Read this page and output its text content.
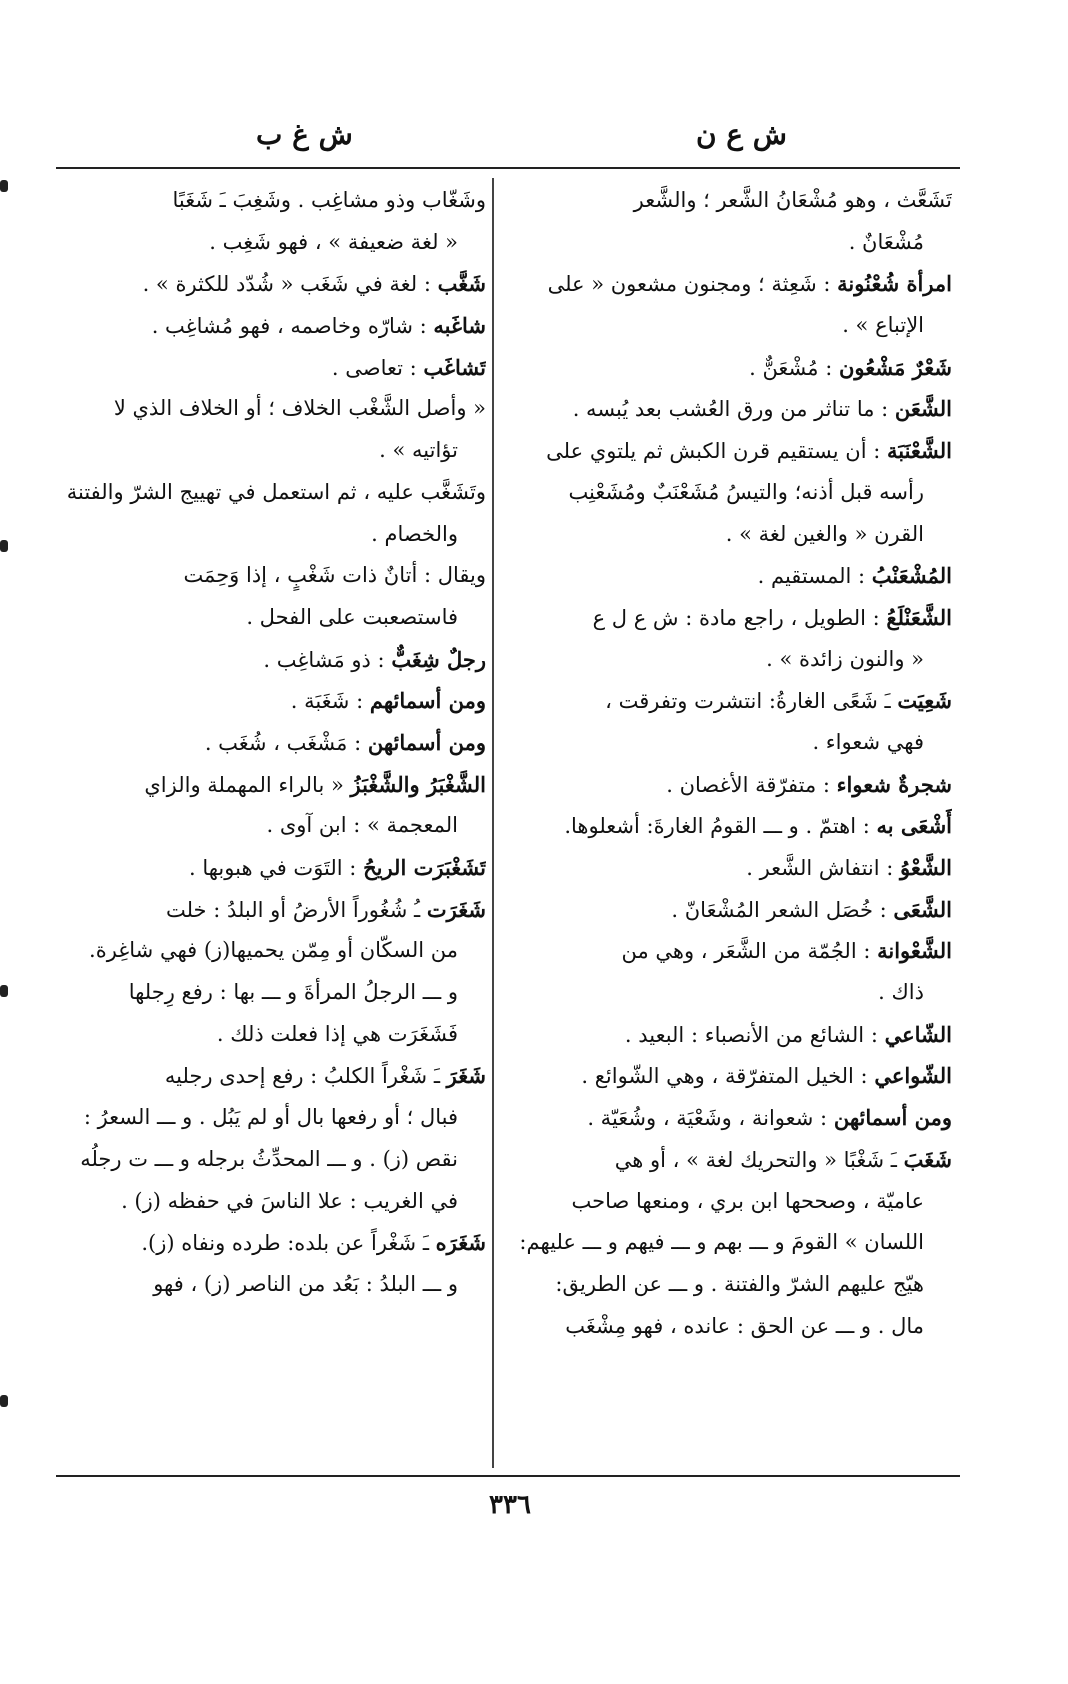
ش غ ب	ش ع ن
تَشَعَّث ، وهو مُشْعَانُ الشَّعر ؛ والشَّعر
مُشْعَانٌ .
امرأة شُعْنُونة : شَعِثة ؛ ومجنون مشعون « على
الإتباع » .
شَعْرٌ مَشْعُون : مُشْعَنٌّ .
الشَّعَن : ما تناثر من ورق العُشب بعد يُبسه .
الشَّعْنَبَة : أن يستقيم قرن الكبش ثم يلتوي على
رأسه قبل أذنه؛ والتيسُ مُشَعْنَبٌ ومُشَعْنِب
القرن « والغين لغة » .
المُشْعَنْبُ : المستقيم .
الشَّعَنْلَعُ : الطويل ، راجع مادة : ش ع ل ع
« والنون زائدة » .
شَعِيَت ـَ شَعًى الغارةُ: انتشرت وتفرقت ،
فهي شعواء .
شجرةٌ شعواء : متفرّقة الأغصان .
أَشْعَى به : اهتمّ . و ـــ القومُ الغارةَ: أشعلوها.
الشَّعْوُ : انتفاش الشَّعر .
الشَّعَى : خُصَل الشعر المُشْعَانّ .
الشَّعْوانة : الجُمّة من الشَّعَر ، وهي من
ذاك .
الشّاعي : الشائع من الأنصباء : البعيد .
الشّواعي : الخيل المتفرّقة ، وهي الشّوائع .
ومن أسمائهن : شعوانة ، وشَعْيَة ، وشُعَيّة .
شَغَبَ ـَ شَغْبًا « والتحريك لغة » ، أو هي
عاميّة ، وصححها ابن بري ، ومنعها صاحب
اللسان » القومَ و ـــ بهم و ـــ فيهم و ـــ عليهم:
هيّج عليهم الشرّ والفتنة . و ـــ عن الطريق:
مال . و ـــ عن الحق : عانده ، فهو مِشْغَب
وشَغّاب وذو مشاغِب . وشَغِبَ ـَ شَغَبًا
« لغة ضعيفة » ، فهو شَغِب .
شَغَّب : لغة في شَغَب « شُدّد للكثرة » .
شاغَبه : شارّه وخاصمه ، فهو مُشاغِب .
تَشاغَب : تعاصى .
« وأصل الشَّغْب الخلاف ؛ أو الخلاف الذي لا
تؤاتيه » .
وتَشَغَّب عليه ، ثم استعمل في تهييج الشرّ والفتنة
والخصام .
ويقال : أتانٌ ذات شَغْبٍ ، إذا وَحِمَت
فاستصعبت على الفحل .
رجلٌ شِغَبٌّ : ذو مَشاغِب .
ومن أسمائهم : شَغَبَة .
ومن أسمائهن : مَشْغَب ، شُغَب .
الشَّغْبَرُ والشَّغْبَزُ « بالراء المهملة والزاي
المعجمة » : ابن آوى .
تَشَغْبَرَت الريحُ : التَوَت في هبوبها .
شَغَرَت ـُ شُغُوراً الأرضُ أو البلدُ : خلت
من السكّان أو مِمّن يحميها(ز) فهي شاغِرة.
و ـــ الرجلُ المرأةَ و ـــ بها : رفع رِجلها
فَشَغَرَت هي إذا فعلت ذلك .
شَغَرَ ـَ شَغْراً الكلبُ : رفع إحدى رجليه
فبال ؛ أو رفعها بال أو لم يَبُل . و ـــ السعرُ :
نقص (ز) . و ـــ المحدِّثُ برجله و ـــ ت رجلُه
في الغريب : علا الناسَ في حفظه (ز) .
شَغَرَه ـَ شَغْراً عن بلده: طرده ونفاه (ز).
و ـــ البلدُ : بَعُد من الناصر (ز) ، فهو
٣٣٦
